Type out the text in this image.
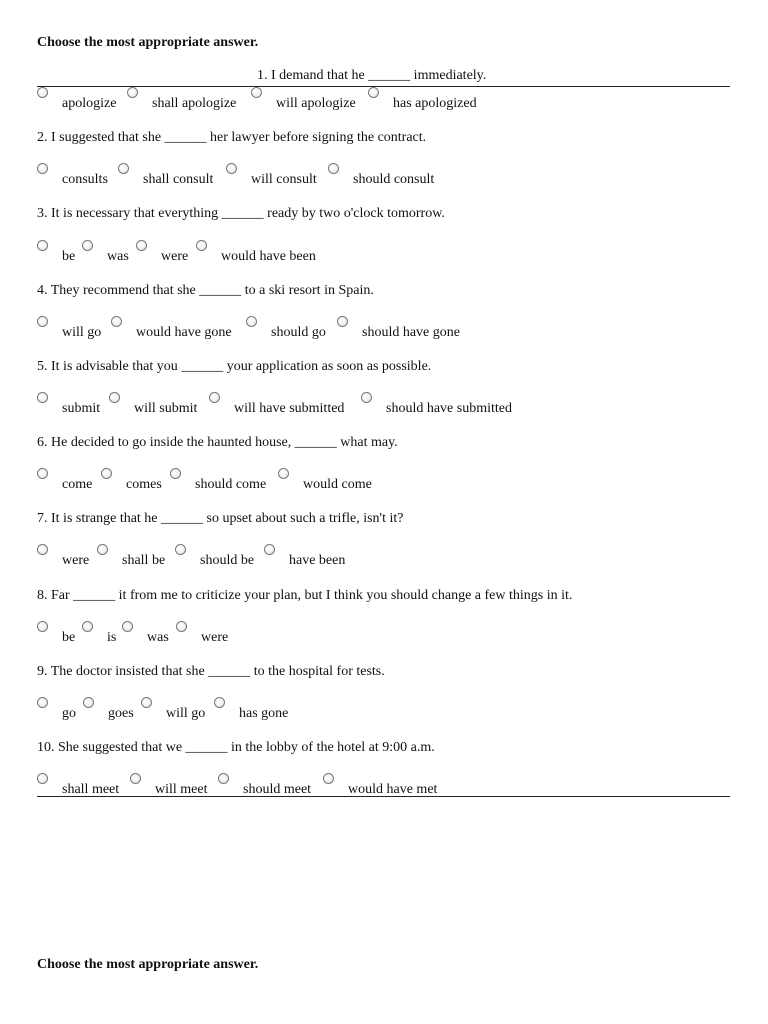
Choose the most appropriate answer.
1. I demand that he ______ immediately.
apologize	shall apologize	will apologize	has apologized
2. I suggested that she ______ her lawyer before signing the contract.
consults	shall consult	will consult	should consult
3. It is necessary that everything ______ ready by two o'clock tomorrow.
be was were would have been
4. They recommend that she ______ to a ski resort in Spain.
will go would have gone	should go	should have gone
5. It is advisable that you ______ your application as soon as possible.
submit will submit	will have submitted	should have submitted
6. He decided to go inside the haunted house, ______ what may.
come comes should come	would come
7. It is strange that he ______ so upset about such a trifle, isn't it?
were shall be should be have been
8. Far ______ it from me to criticize your plan, but I think you should change a few things in it.
be is was were
9. The doctor insisted that she ______ to the hospital for tests.
go goes will go has gone
10. She suggested that we ______ in the lobby of the hotel at 9:00 a.m.
shall meet	will meet	should meet	would have met
Choose the most appropriate answer.
